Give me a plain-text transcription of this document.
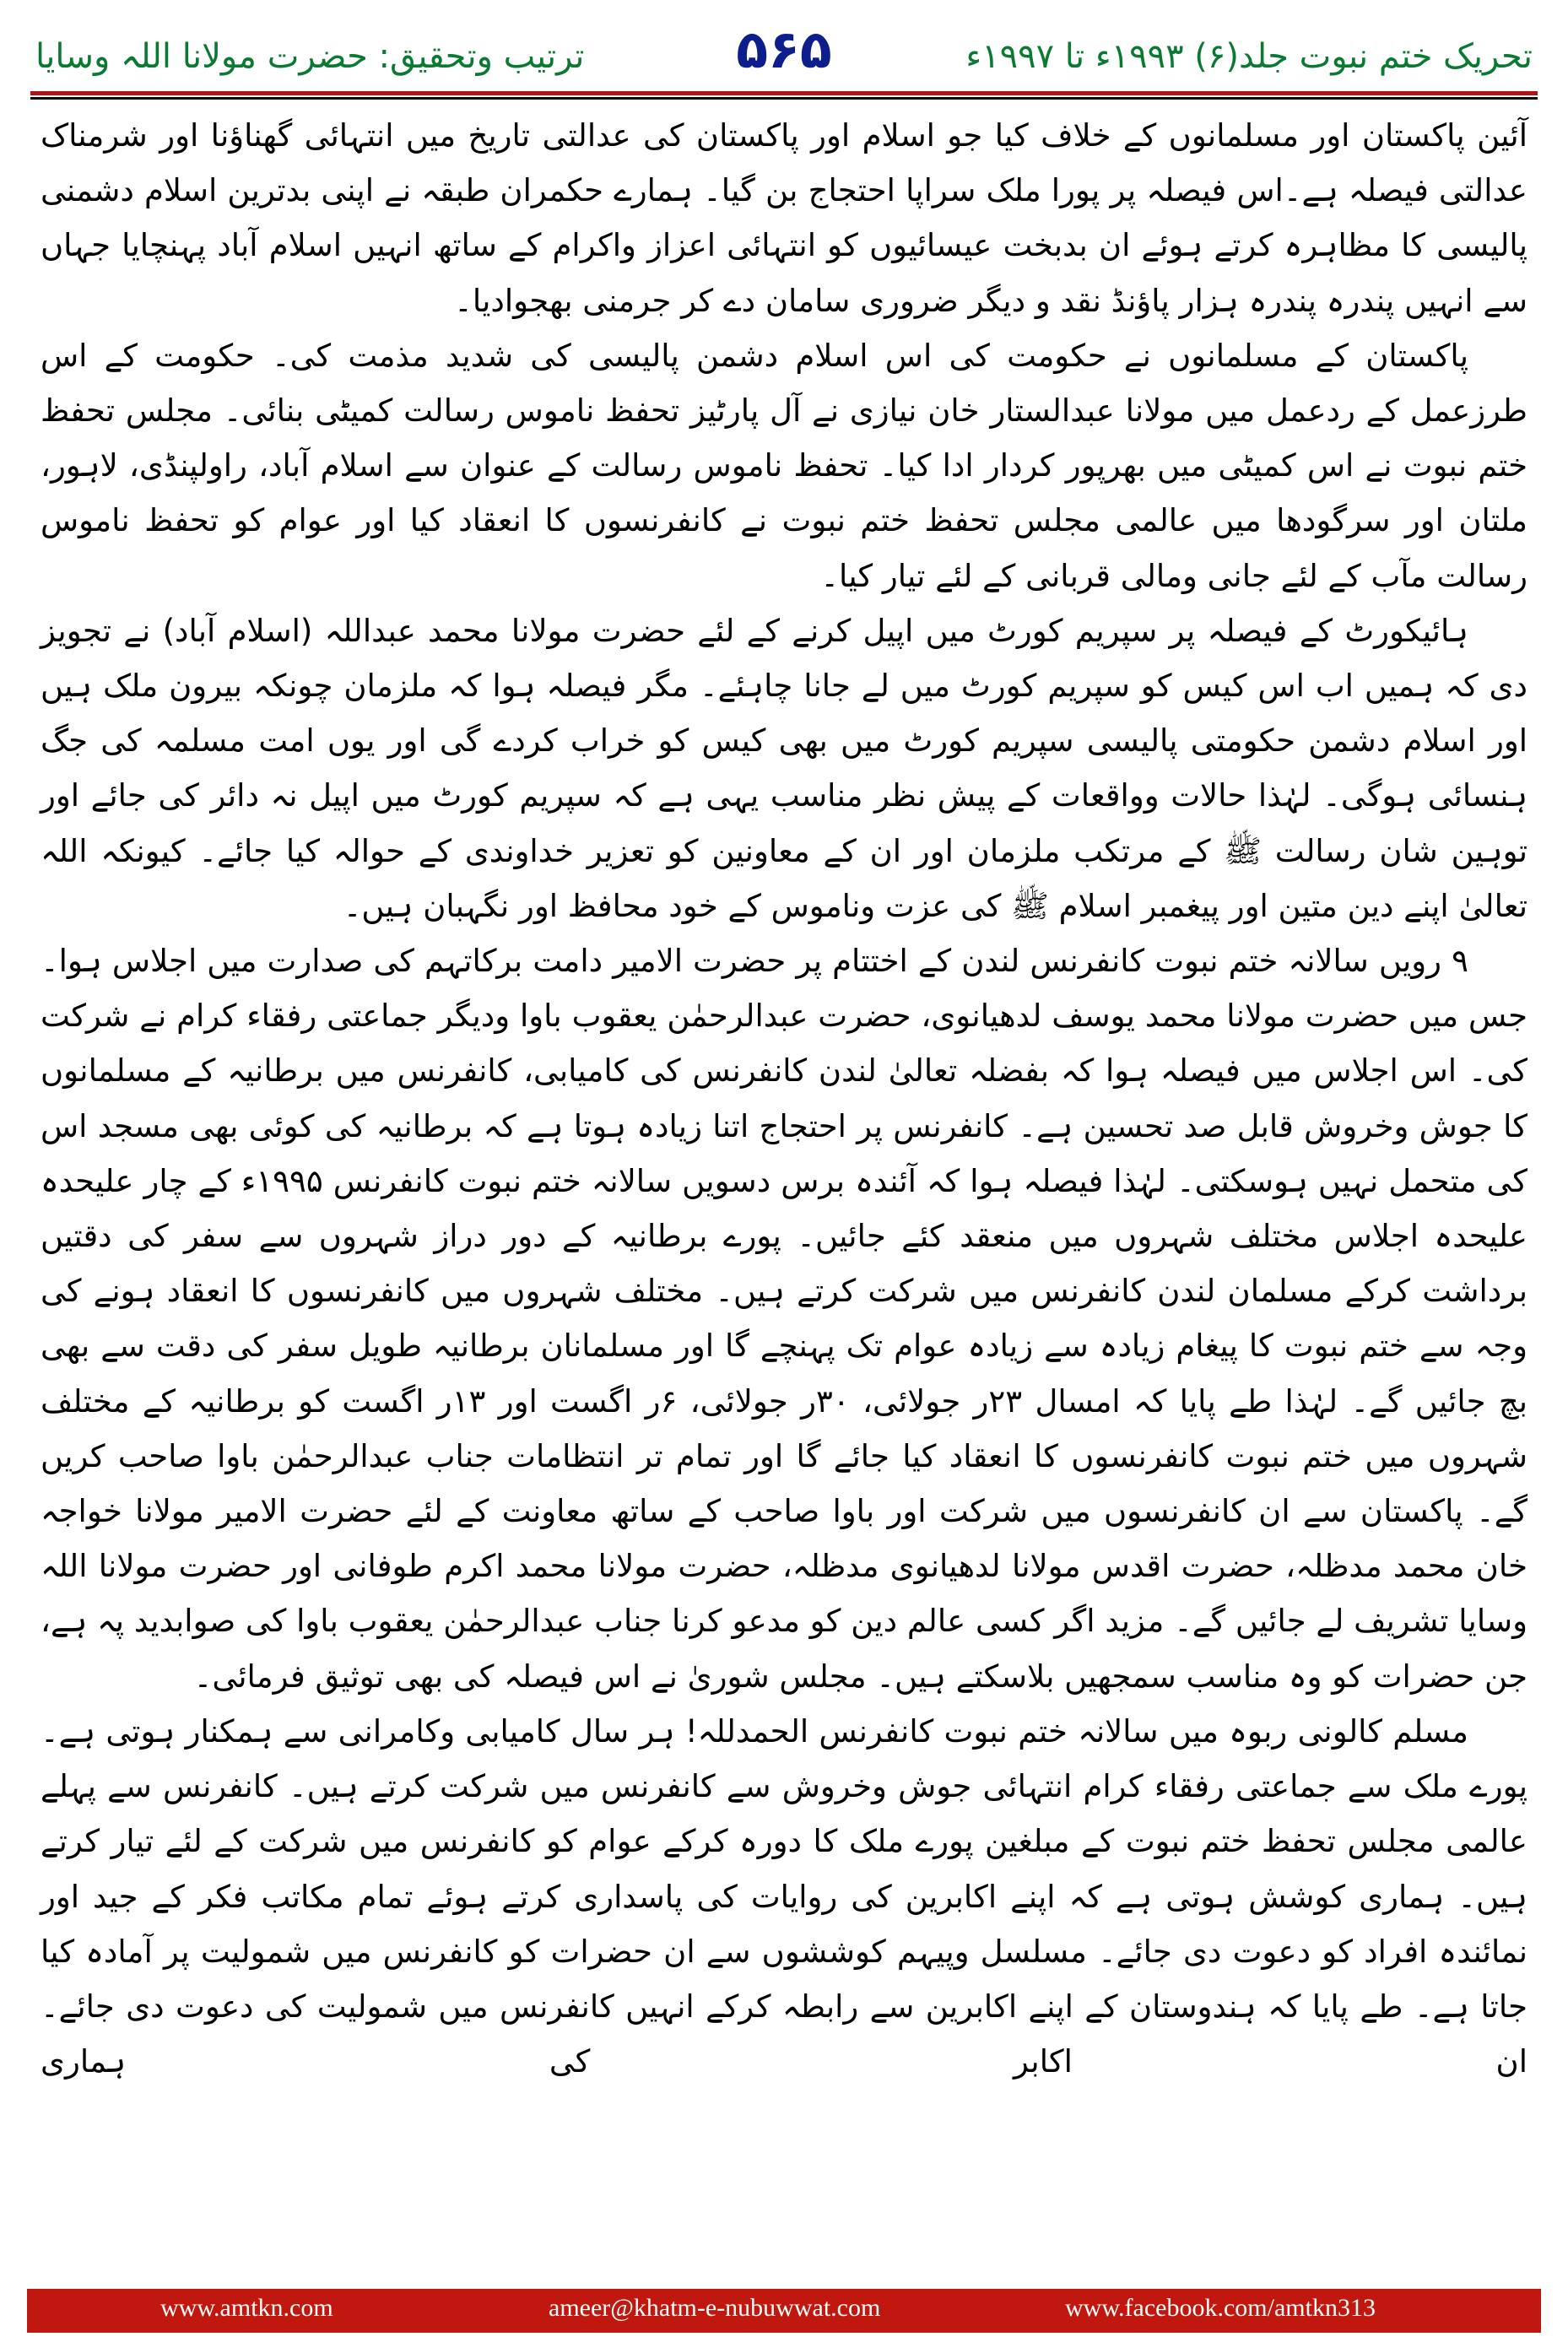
ترتیب وتحقیق: حضرت مولانا اللہ وسایا	۵۶۵	تحریک ختم نبوت جلد(۶) ۱۹۹۳ء تا ۱۹۹۷ء

آئین پاکستان اور مسلمانوں کے خلاف کیا جو اسلام اور پاکستان کی عدالتی تاریخ میں انتہائی گھناؤنا اور شرمناک عدالتی فیصلہ ہے۔اس فیصلہ پر پورا ملک سراپا احتجاج بن گیا۔ ہمارے حکمران طبقہ نے اپنی بدترین اسلام دشمنی پالیسی کا مظاہرہ کرتے ہوئے ان بدبخت عیسائیوں کو انتہائی اعزاز واکرام کے ساتھ انہیں اسلام آباد پہنچایا جہاں سے انہیں پندرہ پندرہ ہزار پاؤنڈ نقد و دیگر ضروری سامان دے کر جرمنی بھجوادیا۔

پاکستان کے مسلمانوں نے حکومت کی اس اسلام دشمن پالیسی کی شدید مذمت کی۔ حکومت کے اس طرزعمل کے ردعمل میں مولانا عبدالستار خان نیازی نے آل پارٹیز تحفظ ناموس رسالت کمیٹی بنائی۔ مجلس تحفظ ختم نبوت نے اس کمیٹی میں بھرپور کردار ادا کیا۔ تحفظ ناموس رسالت کے عنوان سے اسلام آباد، راولپنڈی، لاہور، ملتان اور سرگودھا میں عالمی مجلس تحفظ ختم نبوت نے کانفرنسوں کا انعقاد کیا اور عوام کو تحفظ ناموس رسالت مآب کے لئے جانی ومالی قربانی کے لئے تیار کیا۔

ہائیکورٹ کے فیصلہ پر سپریم کورٹ میں اپیل کرنے کے لئے حضرت مولانا محمد عبداللہ (اسلام آباد) نے تجویز دی کہ ہمیں اب اس کیس کو سپریم کورٹ میں لے جانا چاہئے۔ مگر فیصلہ ہوا کہ ملزمان چونکہ بیرون ملک ہیں اور اسلام دشمن حکومتی پالیسی سپریم کورٹ میں بھی کیس کو خراب کردے گی اور یوں امت مسلمہ کی جگ ہنسائی ہوگی۔ لہٰذا حالات وواقعات کے پیش نظر مناسب یہی ہے کہ سپریم کورٹ میں اپیل نہ دائر کی جائے اور توہین شان رسالت ﷺ کے مرتکب ملزمان اور ان کے معاونین کو تعزیر خداوندی کے حوالہ کیا جائے۔ کیونکہ اللہ تعالیٰ اپنے دین متین اور پیغمبر اسلام ﷺ کی عزت وناموس کے خود محافظ اور نگہبان ہیں۔

۹ رویں سالانہ ختم نبوت کانفرنس لندن کے اختتام پر حضرت الامیر دامت برکاتہم کی صدارت میں اجلاس ہوا۔ جس میں حضرت مولانا محمد یوسف لدھیانوی، حضرت عبدالرحمٰن یعقوب باوا ودیگر جماعتی رفقاء کرام نے شرکت کی۔ اس اجلاس میں فیصلہ ہوا کہ بفضلہ تعالیٰ لندن کانفرنس کی کامیابی، کانفرنس میں برطانیہ کے مسلمانوں کا جوش وخروش قابل صد تحسین ہے۔ کانفرنس پر احتجاج اتنا زیادہ ہوتا ہے کہ برطانیہ کی کوئی بھی مسجد اس کی متحمل نہیں ہوسکتی۔ لہٰذا فیصلہ ہوا کہ آئندہ برس دسویں سالانہ ختم نبوت کانفرنس ۱۹۹۵ء کے چار علیحدہ علیحدہ اجلاس مختلف شہروں میں منعقد کئے جائیں۔ پورے برطانیہ کے دور دراز شہروں سے سفر کی دقتیں برداشت کرکے مسلمان لندن کانفرنس میں شرکت کرتے ہیں۔ مختلف شہروں میں کانفرنسوں کا انعقاد ہونے کی وجہ سے ختم نبوت کا پیغام زیادہ سے زیادہ عوام تک پہنچے گا اور مسلمانان برطانیہ طویل سفر کی دقت سے بھی بچ جائیں گے۔ لہٰذا طے پایا کہ امسال ۲۳ر جولائی، ۳۰ر جولائی، ۶ر اگست اور ۱۳ر اگست کو برطانیہ کے مختلف شہروں میں ختم نبوت کانفرنسوں کا انعقاد کیا جائے گا اور تمام تر انتظامات جناب عبدالرحمٰن باوا صاحب کریں گے۔ پاکستان سے ان کانفرنسوں میں شرکت اور باوا صاحب کے ساتھ معاونت کے لئے حضرت الامیر مولانا خواجہ خان محمد مدظلہ، حضرت اقدس مولانا لدھیانوی مدظلہ، حضرت مولانا محمد اکرم طوفانی اور حضرت مولانا اللہ وسایا تشریف لے جائیں گے۔ مزید اگر کسی عالم دین کو مدعو کرنا جناب عبدالرحمٰن یعقوب باوا کی صوابدید پہ ہے، جن حضرات کو وہ مناسب سمجھیں بلاسکتے ہیں۔ مجلس شوریٰ نے اس فیصلہ کی بھی توثیق فرمائی۔

مسلم کالونی ربوہ میں سالانہ ختم نبوت کانفرنس الحمدللہ! ہر سال کامیابی وکامرانی سے ہمکنار ہوتی ہے۔ پورے ملک سے جماعتی رفقاء کرام انتہائی جوش وخروش سے کانفرنس میں شرکت کرتے ہیں۔ کانفرنس سے پہلے عالمی مجلس تحفظ ختم نبوت کے مبلغین پورے ملک کا دورہ کرکے عوام کو کانفرنس میں شرکت کے لئے تیار کرتے ہیں۔ ہماری کوشش ہوتی ہے کہ اپنے اکابرین کی روایات کی پاسداری کرتے ہوئے تمام مکاتب فکر کے جید اور نمائندہ افراد کو دعوت دی جائے۔ مسلسل وپیہم کوششوں سے ان حضرات کو کانفرنس میں شمولیت پر آمادہ کیا جاتا ہے۔ طے پایا کہ ہندوستان کے اپنے اکابرین سے رابطہ کرکے انہیں کانفرنس میں شمولیت کی دعوت دی جائے۔ ان اکابر کی ہماری

www.amtkn.com	ameer@khatm-e-nubuwwat.com	www.facebook.com/amtkn313
